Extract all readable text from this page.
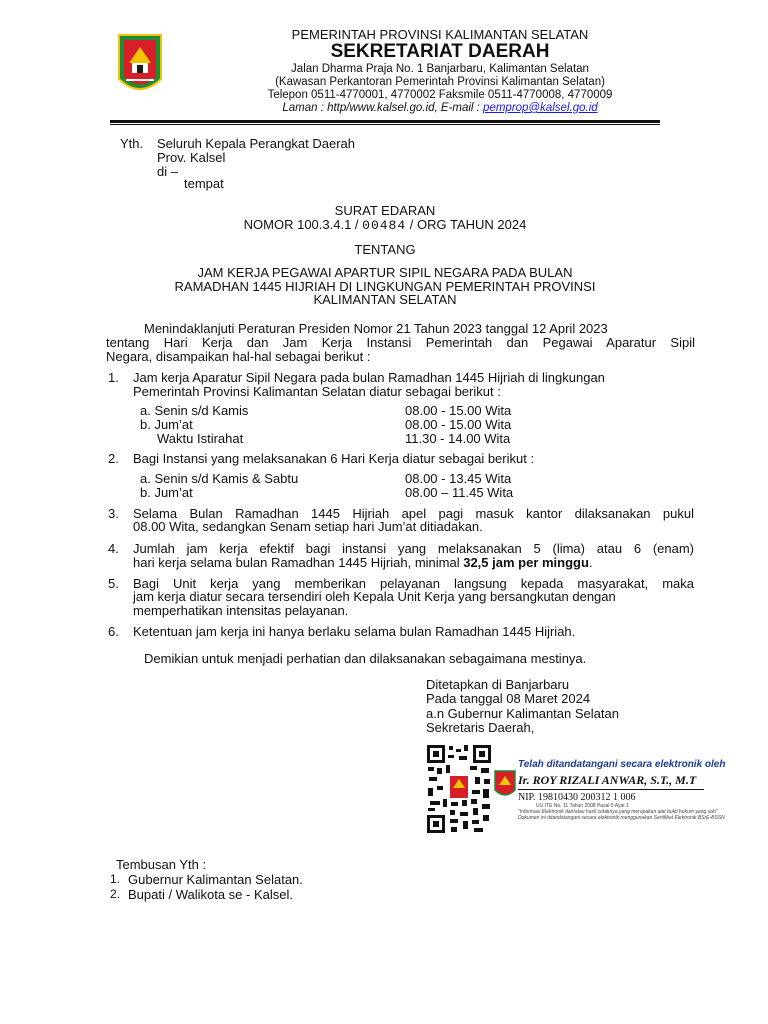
PEMERINTAH PROVINSI KALIMANTAN SELATAN
SEKRETARIAT DAERAH
Jalan Dharma Praja No. 1 Banjarbaru, Kalimantan Selatan
(Kawasan Perkantoran Pemerintah Provinsi Kalimantan Selatan)
Telepon 0511-4770001, 4770002 Faksmile 0511-4770008, 4770009
Laman : http/www.kalsel.go.id, E-mail : pemprop@kalsel.go.id
Yth. Seluruh Kepala Perangkat Daerah
Prov. Kalsel
di –
tempat
SURAT EDARAN
NOMOR 100.3.4.1 / 00484 / ORG TAHUN 2024
TENTANG
JAM KERJA PEGAWAI APARTUR SIPIL NEGARA PADA BULAN
RAMADHAN 1445 HIJRIAH DI LINGKUNGAN PEMERINTAH PROVINSI
KALIMANTAN SELATAN
Menindaklanjuti Peraturan Presiden Nomor 21 Tahun 2023 tanggal 12 April 2023
tentang Hari Kerja dan Jam Kerja Instansi Pemerintah dan Pegawai Aparatur Sipil
Negara, disampaikan hal-hal sebagai berikut :
1. Jam kerja Aparatur Sipil Negara pada bulan Ramadhan 1445 Hijriah di lingkungan
Pemerintah Provinsi Kalimantan Selatan diatur sebagai berikut :
a. Senin s/d Kamis	08.00 - 15.00 Wita
b. Jum’at	08.00 - 15.00 Wita
Waktu Istirahat	11.30 - 14.00 Wita
2. Bagi Instansi yang melaksanakan 6 Hari Kerja diatur sebagai berikut :
a. Senin s/d Kamis & Sabtu	08.00 - 13.45 Wita
b. Jum’at	08.00 – 11.45 Wita
3. Selama Bulan Ramadhan 1445 Hijriah apel pagi masuk kantor dilaksanakan pukul
08.00 Wita, sedangkan Senam setiap hari Jum’at ditiadakan.
4. Jumlah jam kerja efektif bagi instansi yang melaksanakan 5 (lima) atau 6 (enam)
hari kerja selama bulan Ramadhan 1445 Hijriah, minimal 32,5 jam per minggu.
5. Bagi Unit kerja yang memberikan pelayanan langsung kepada masyarakat, maka
jam kerja diatur secara tersendiri oleh Kepala Unit Kerja yang bersangkutan dengan
memperhatikan intensitas pelayanan.
6. Ketentuan jam kerja ini hanya berlaku selama bulan Ramadhan 1445 Hijriah.
Demikian untuk menjadi perhatian dan dilaksanakan sebagaimana mestinya.
Ditetapkan di Banjarbaru
Pada tanggal 08 Maret 2024
a.n Gubernur Kalimantan Selatan
Sekretaris Daerah,
Telah ditandatangani secara elektronik oleh
Ir. ROY RIZALI ANWAR, S.T., M.T
NIP. 19810430 200312 1 006
UU ITE No. 11 Tahun 2008 Pasal 5 Ayat 1
"Informasi Elektronik dan/atau hasil cetaknya yang merupakan alat bukti hukum yang sah"
Dokumen ini ditandatangani secara elektronik menggunakan Sertifikat Elektronik BSrE-BSSN
Tembusan Yth :
1. Gubernur Kalimantan Selatan.
2. Bupati / Walikota se - Kalsel.
